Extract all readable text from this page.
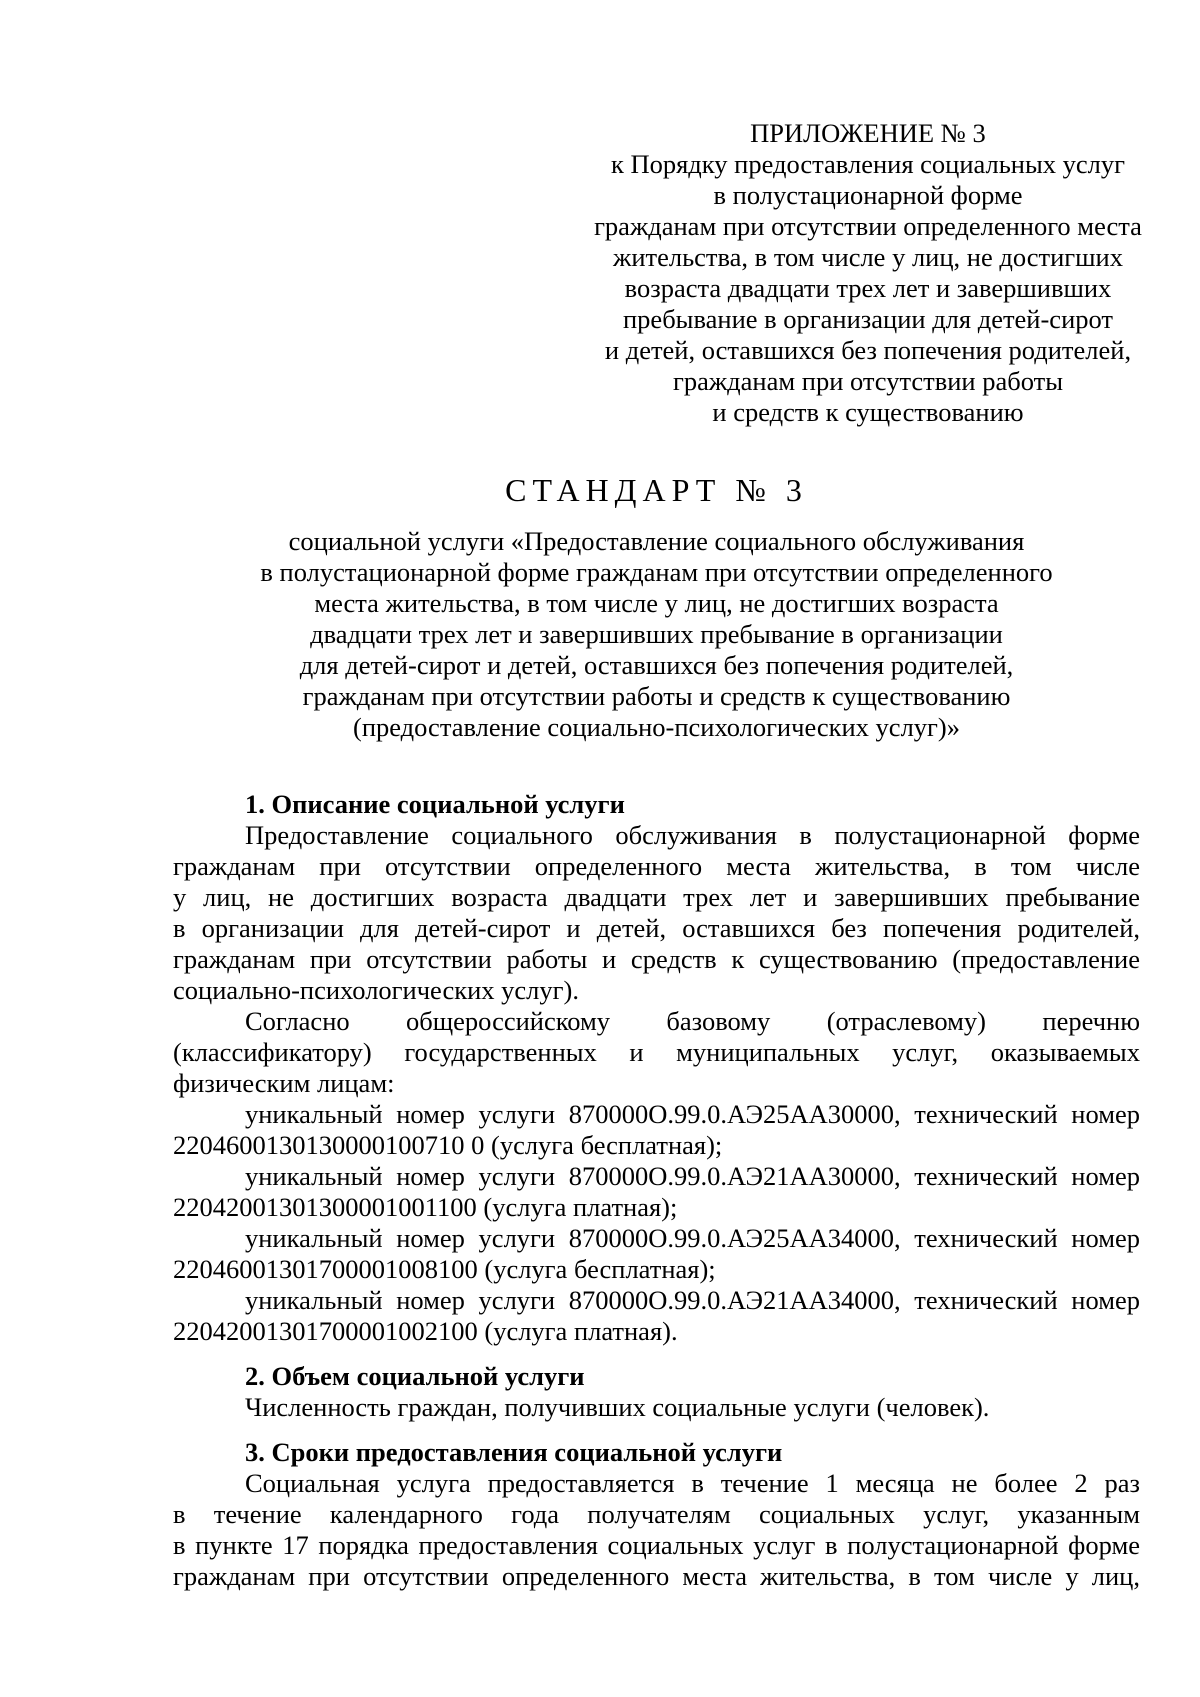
ПРИЛОЖЕНИЕ № 3
к Порядку предоставления социальных услуг
в полустационарной форме
гражданам при отсутствии определенного места
жительства, в том числе у лиц, не достигших
возраста двадцати трех лет и завершивших
пребывание в организации для детей-сирот
и детей, оставшихся без попечения родителей,
гражданам при отсутствии работы
и средств к существованию
СТАНДАРТ № 3
социальной услуги «Предоставление социального обслуживания
в полустационарной форме гражданам при отсутствии определенного
места жительства, в том числе у лиц, не достигших возраста
двадцати трех лет и завершивших пребывание в организации
для детей-сирот и детей, оставшихся без попечения родителей,
гражданам при отсутствии работы и средств к существованию
(предоставление социально-психологических услуг)»
1. Описание социальной услуги
Предоставление социального обслуживания в полустационарной форме
гражданам при отсутствии определенного места жительства, в том числе
у лиц, не достигших возраста двадцати трех лет и завершивших пребывание
в организации для детей-сирот и детей, оставшихся без попечения родителей,
гражданам при отсутствии работы и средств к существованию (предоставление
социально-психологических услуг).
Согласно общероссийскому базовому (отраслевому) перечню
(классификатору) государственных и муниципальных услуг, оказываемых
физическим лицам:
уникальный номер услуги 870000О.99.0.АЭ25АА30000, технический номер
2204600130130000100710 0 (услуга бесплатная);
уникальный номер услуги 870000О.99.0.АЭ21АА30000, технический номер
22042001301300001001100 (услуга платная);
уникальный номер услуги 870000О.99.0.АЭ25АА34000, технический номер
22046001301700001008100 (услуга бесплатная);
уникальный номер услуги 870000О.99.0.АЭ21АА34000, технический номер
22042001301700001002100 (услуга платная).
2. Объем социальной услуги
Численность граждан, получивших социальные услуги (человек).
3. Сроки предоставления социальной услуги
Социальная услуга предоставляется в течение 1 месяца не более 2 раз
в течение календарного года получателям социальных услуг, указанным
в пункте 17 порядка предоставления социальных услуг в полустационарной форме
гражданам при отсутствии определенного места жительства, в том числе у лиц,
